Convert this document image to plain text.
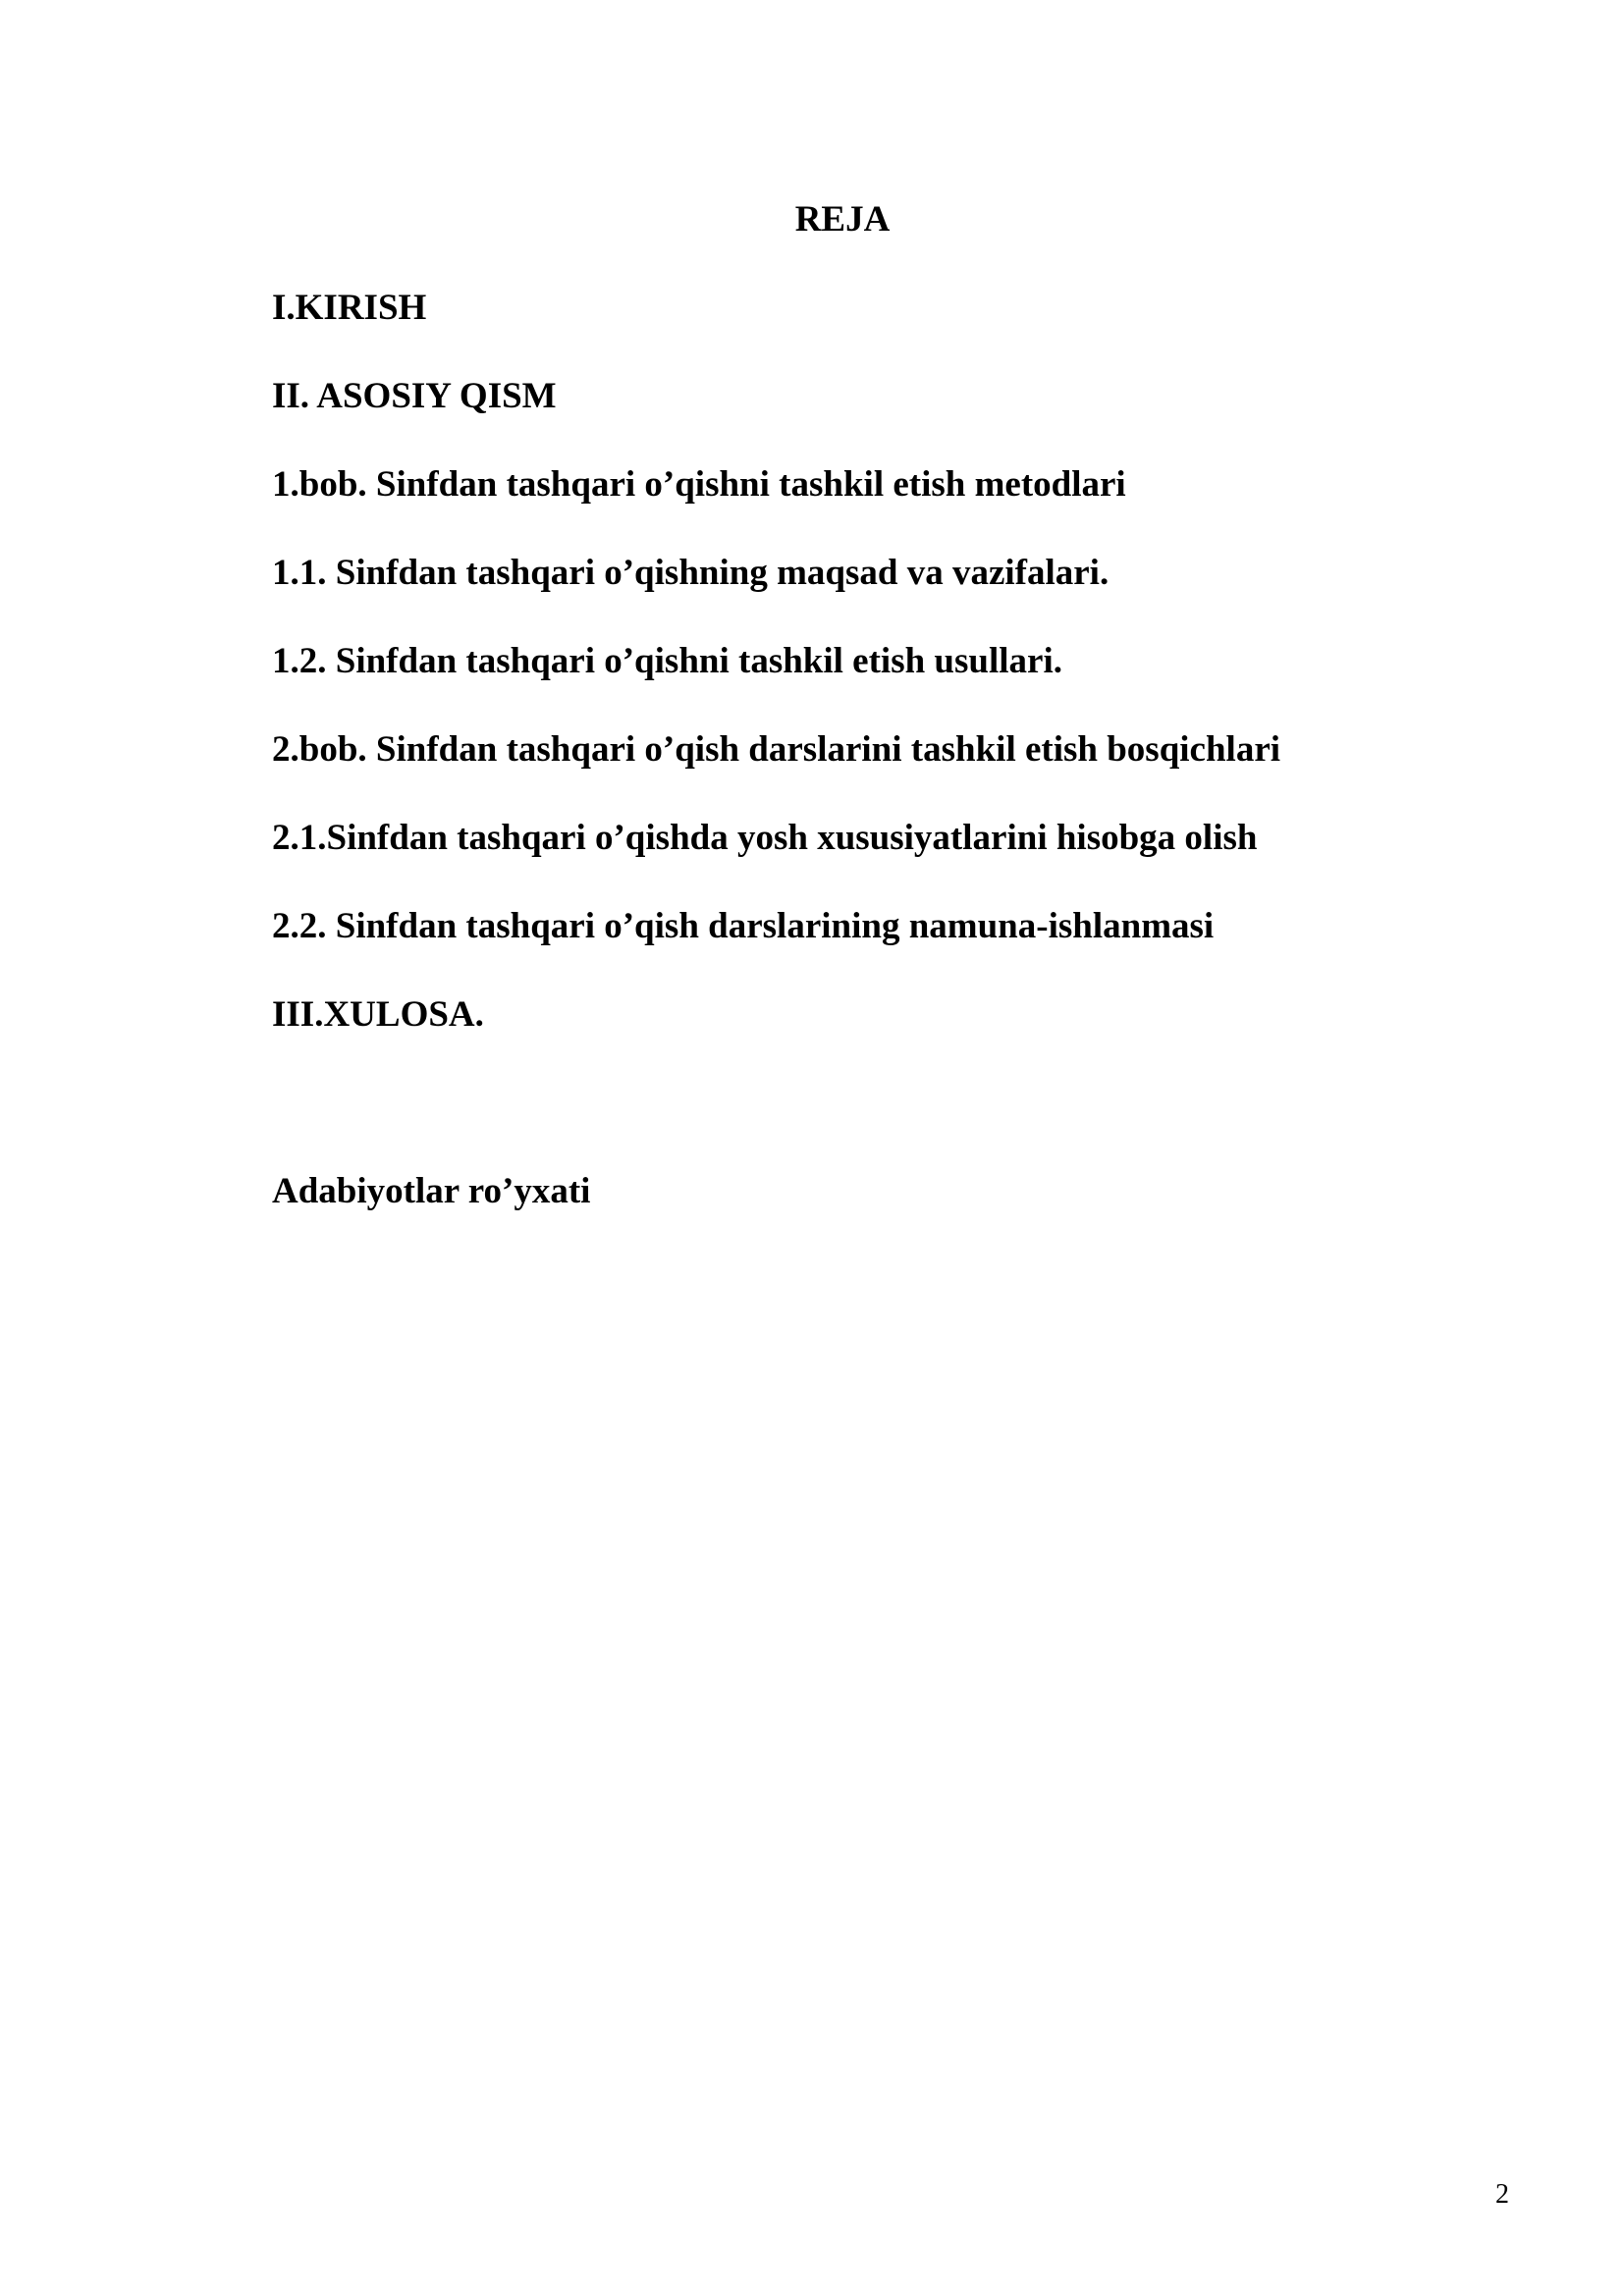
REJA

I.KIRISH

II. ASOSIY QISM

1.bob. Sinfdan tashqari o’qishni tashkil etish metodlari

1.1. Sinfdan tashqari o’qishning maqsad va vazifalari.

1.2. Sinfdan tashqari o’qishni tashkil etish usullari.

2.bob. Sinfdan tashqari o’qish darslarini tashkil etish bosqichlari

2.1.Sinfdan tashqari o’qishda yosh xususiyatlarini hisobga olish

2.2. Sinfdan tashqari o’qish darslarining namuna-ishlanmasi

III.XULOSA.

Adabiyotlar ro’yxati

2
